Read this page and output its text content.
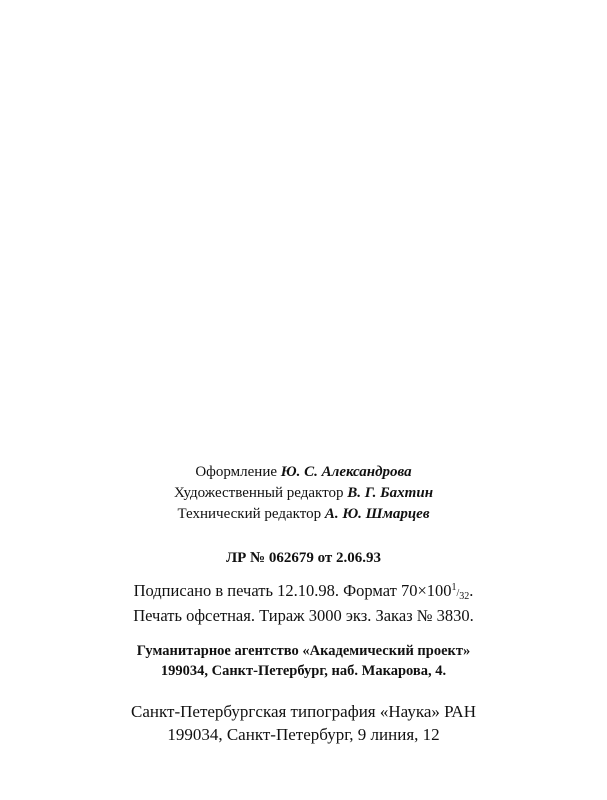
Оформление Ю. С. Александрова

Художественный редактор В. Г. Бахтин

Технический редактор А. Ю. Шмарцев

ЛР № 062679 от 2.06.93

Подписано в печать 12.10.98. Формат 70×1001/32.

Печать офсетная. Тираж 3000 экз. Заказ № 3830.

Гуманитарное агентство «Академический проект»

199034, Санкт-Петербург, наб. Макарова, 4.

Санкт-Петербургская типография «Наука» РАН

199034, Санкт-Петербург, 9 линия, 12
